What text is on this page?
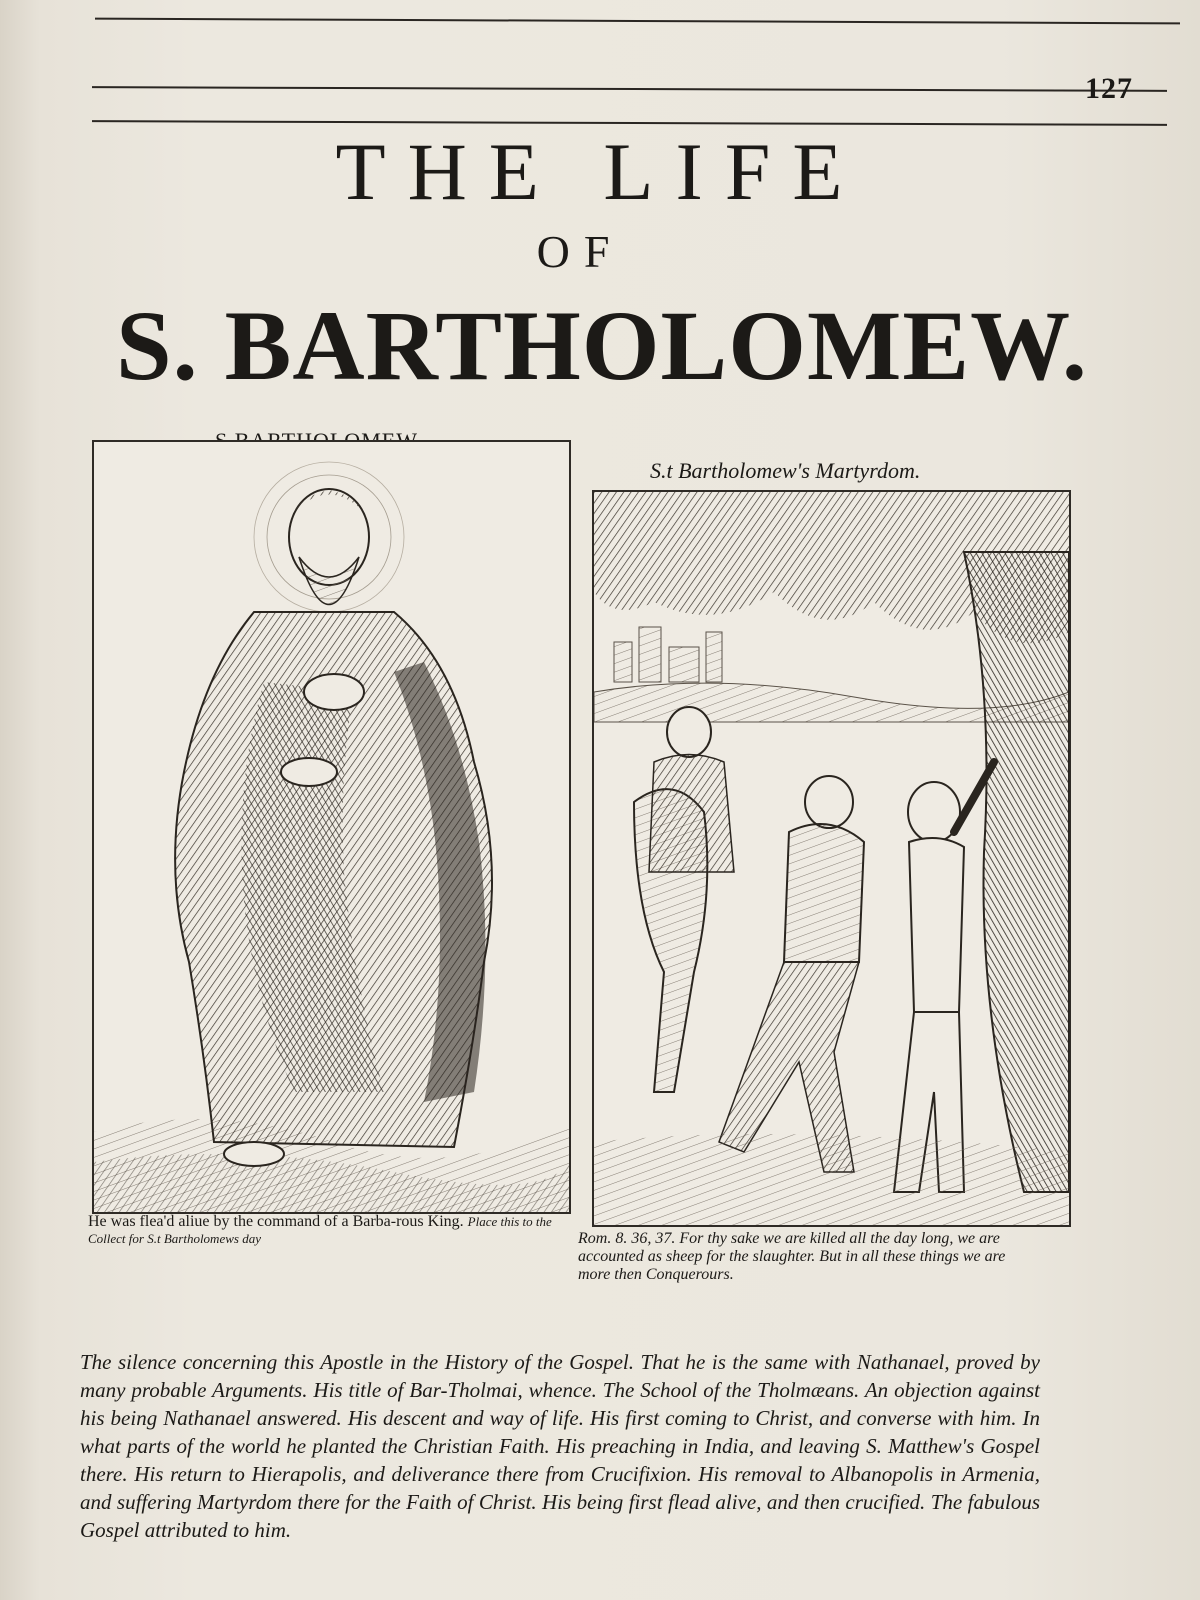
127
THE LIFE
OF
S. BARTHOLOMEW.
S.t Bartholomew's Martyrdom.
He was flea'd aliue by the command of a Barba-rous King. Place this to the Collect for S.t Bartholomews day	Rom. 8. 36, 37. For thy sake we are killed all the day long, we are accounted as sheep for the slaughter. But in all these things we are more then Conquerours.

The silence concerning this Apostle in the History of the Gospel. That he is the same with Nathanael, proved by many probable Arguments. His title of Bar-Tholmai, whence. The School of the Tholmæans. An objection against his being Nathanael answered. His descent and way of life. His first coming to Christ, and converse with him. In what parts of the world he planted the Christian Faith. His preaching in India, and leaving S. Matthew's Gospel there. His return to Hierapolis, and deliverance there from Crucifixion. His removal to Albanopolis in Armenia, and suffering Martyrdom there for the Faith of Christ. His being first flead alive, and then crucified. The fabulous Gospel attributed to him.
